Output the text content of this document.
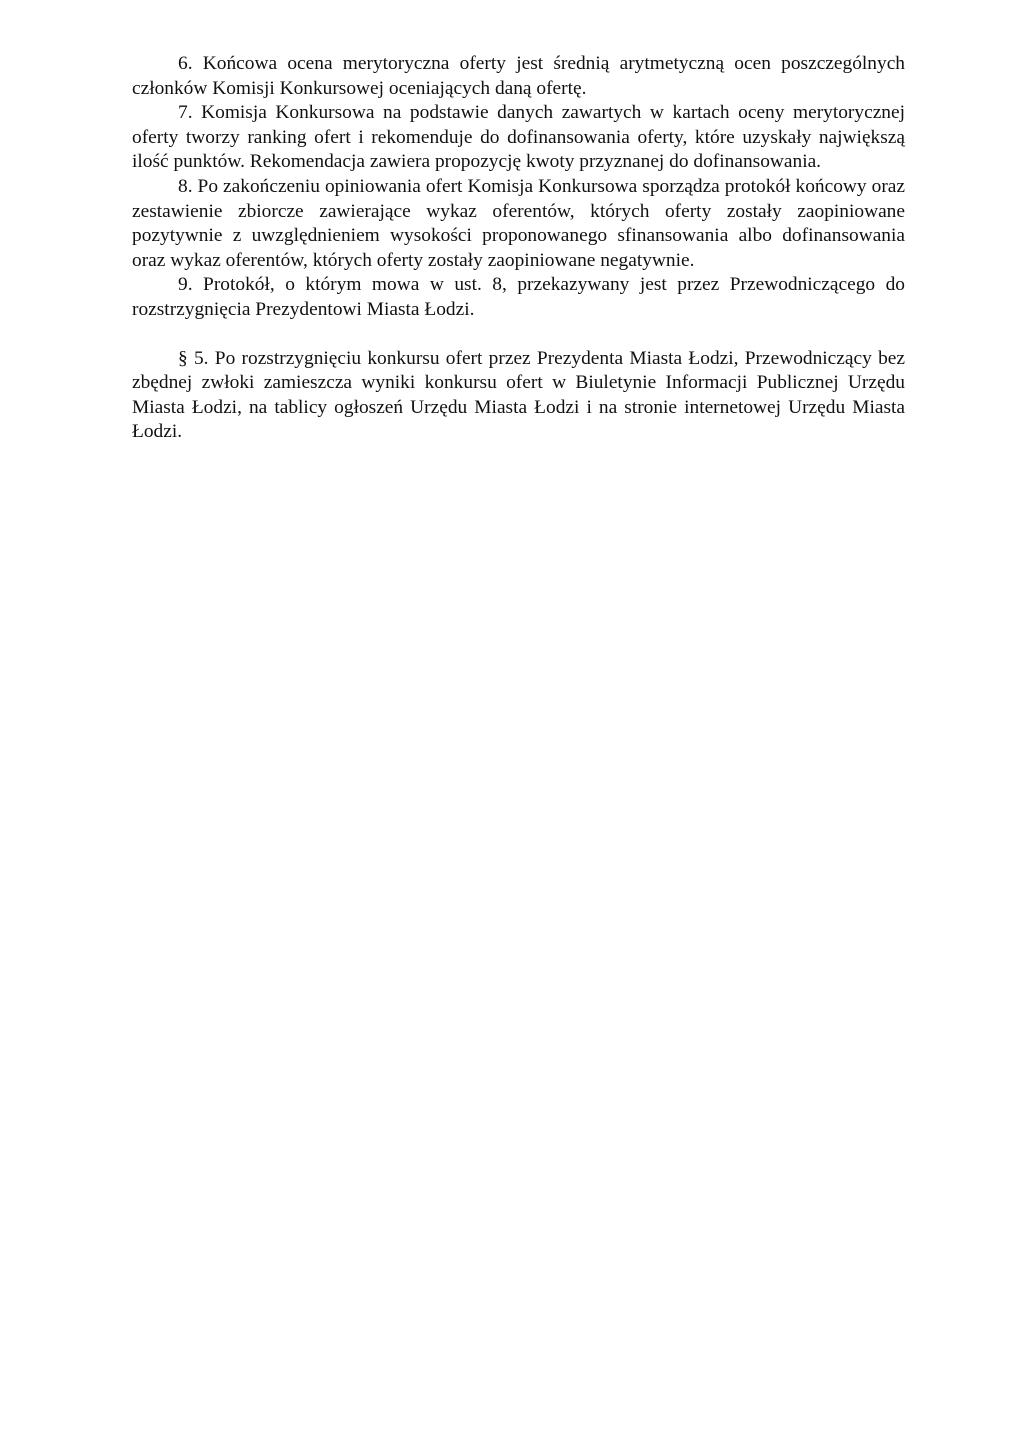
6. Końcowa ocena merytoryczna oferty jest średnią arytmetyczną ocen poszczególnych członków Komisji Konkursowej oceniających daną ofertę.

7. Komisja Konkursowa na podstawie danych zawartych w kartach oceny merytorycznej oferty tworzy ranking ofert i rekomenduje do dofinansowania oferty, które uzyskały największą ilość punktów. Rekomendacja zawiera propozycję kwoty przyznanej do dofinansowania.

8. Po zakończeniu opiniowania ofert Komisja Konkursowa sporządza protokół końcowy oraz zestawienie zbiorcze zawierające wykaz oferentów, których oferty zostały zaopiniowane pozytywnie z uwzględnieniem wysokości proponowanego sfinansowania albo dofinansowania oraz wykaz oferentów, których oferty zostały zaopiniowane negatywnie.

9. Protokół, o którym mowa w ust. 8, przekazywany jest przez Przewodniczącego do rozstrzygnięcia Prezydentowi Miasta Łodzi.

§ 5. Po rozstrzygnięciu konkursu ofert przez Prezydenta Miasta Łodzi, Przewodniczący bez zbędnej zwłoki zamieszcza wyniki konkursu ofert w Biuletynie Informacji Publicznej Urzędu Miasta Łodzi, na tablicy ogłoszeń Urzędu Miasta Łodzi i na stronie internetowej Urzędu Miasta Łodzi.
